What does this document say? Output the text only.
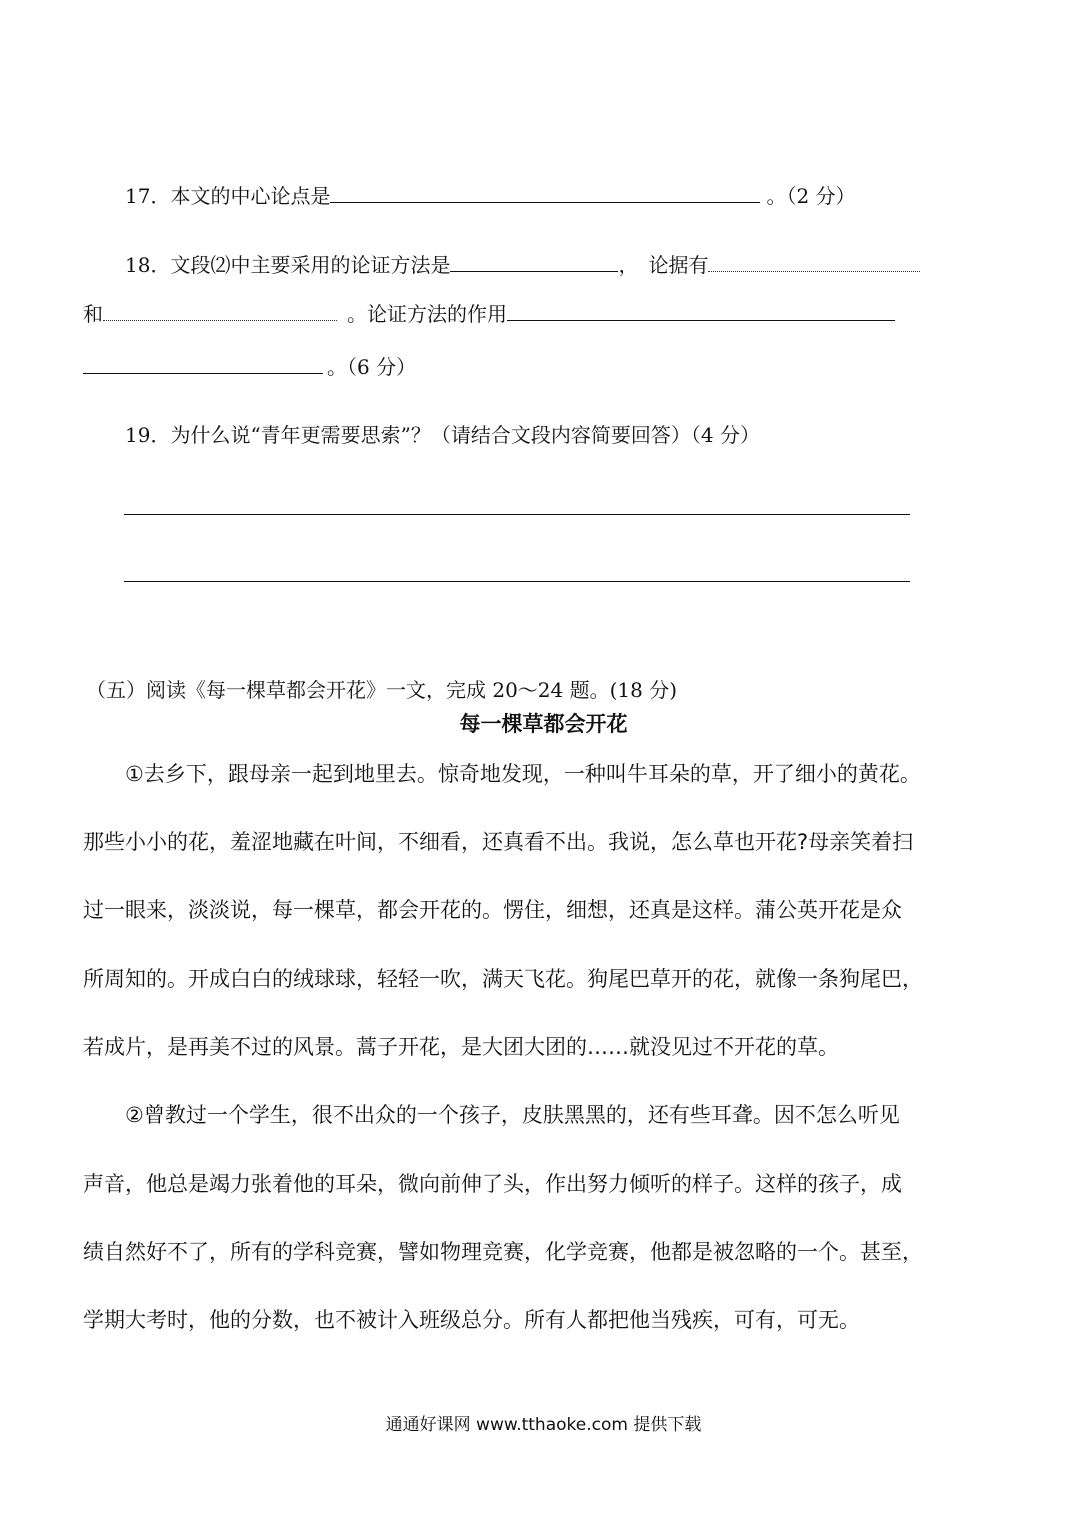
17．本文的中心论点是	。（2 分）
18．文段⑵中主要采用的论证方法是	，　论据有
和	。论证方法的作用
。（6 分）
19．为什么说“青年更需要思索”？（请结合文段内容简要回答）（4 分）
（五）阅读《每一棵草都会开花》一文，完成 20～24 题。(18 分)
每一棵草都会开花
①去乡下，跟母亲一起到地里去。惊奇地发现，一种叫牛耳朵的草，开了细小的黄花。
那些小小的花，羞涩地藏在叶间，不细看，还真看不出。我说，怎么草也开花?母亲笑着扫
过一眼来，淡淡说，每一棵草，都会开花的。愣住，细想，还真是这样。蒲公英开花是众
所周知的。开成白白的绒球球，轻轻一吹，满天飞花。狗尾巴草开的花，就像一条狗尾巴，
若成片，是再美不过的风景。蒿子开花，是大团大团的……就没见过不开花的草。
②曾教过一个学生，很不出众的一个孩子，皮肤黑黑的，还有些耳聋。因不怎么听见
声音，他总是竭力张着他的耳朵，微向前伸了头，作出努力倾听的样子。这样的孩子，成
绩自然好不了，所有的学科竞赛，譬如物理竞赛，化学竞赛，他都是被忽略的一个。甚至，
学期大考时，他的分数，也不被计入班级总分。所有人都把他当残疾，可有，可无。
通通好课网 www.tthaoke.com 提供下载
